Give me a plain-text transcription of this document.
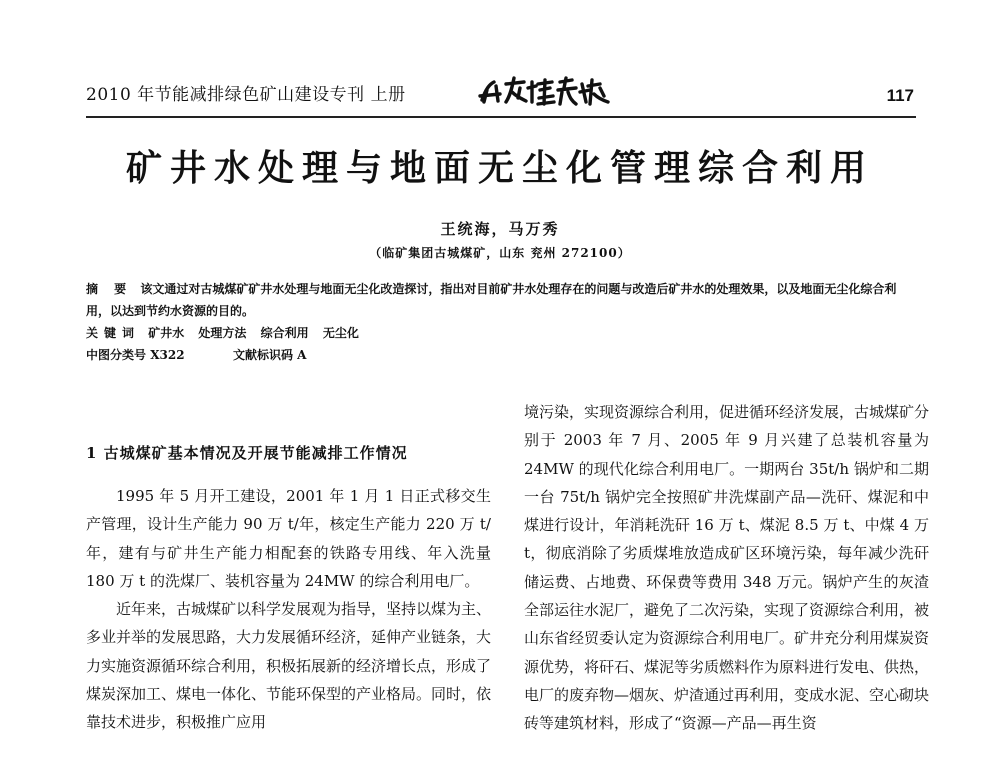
2010 年节能减排绿色矿山建设专刊 上册	117
矿井水处理与地面无尘化管理综合利用
王统海，马万秀
（临矿集团古城煤矿，山东 兖州 272100）
摘 要 该文通过对古城煤矿矿井水处理与地面无尘化改造探讨，指出对目前矿井水处理存在的问题与改造后矿井水的处理效果，以及地面无尘化综合利用，以达到节约水资源的目的。
关键词 矿井水 处理方法 综合利用 无尘化
中图分类号 X322	文献标识码 A
1 古城煤矿基本情况及开展节能减排工作情况

1995 年 5 月开工建设，2001 年 1 月 1 日正式移交生产管理，设计生产能力 90 万 t/年，核定生产能力 220 万 t/年，建有与矿井生产能力相配套的铁路专用线、年入洗量 180 万 t 的洗煤厂、装机容量为 24MW 的综合利用电厂。

近年来，古城煤矿以科学发展观为指导，坚持以煤为主、多业并举的发展思路，大力发展循环经济，延伸产业链条，大力实施资源循环综合利用，积极拓展新的经济增长点，形成了煤炭深加工、煤电一体化、节能环保型的产业格局。同时，依靠技术进步，积极推广应用

境污染，实现资源综合利用，促进循环经济发展，古城煤矿分别于 2003 年 7 月、2005 年 9 月兴建了总装机容量为 24MW 的现代化综合利用电厂。一期两台 35t/h 锅炉和二期一台 75t/h 锅炉完全按照矿井洗煤副产品—洗矸、煤泥和中煤进行设计，年消耗洗矸 16 万 t、煤泥 8.5 万 t、中煤 4 万 t，彻底消除了劣质煤堆放造成矿区环境污染，每年减少洗矸储运费、占地费、环保费等费用 348 万元。锅炉产生的灰渣全部运往水泥厂，避免了二次污染，实现了资源综合利用，被山东省经贸委认定为资源综合利用电厂。矿井充分利用煤炭资源优势，将矸石、煤泥等劣质燃料作为原料进行发电、供热，电厂的废弃物—烟灰、炉渣通过再利用，变成水泥、空心砌块砖等建筑材料，形成了“资源—产品—再生资
